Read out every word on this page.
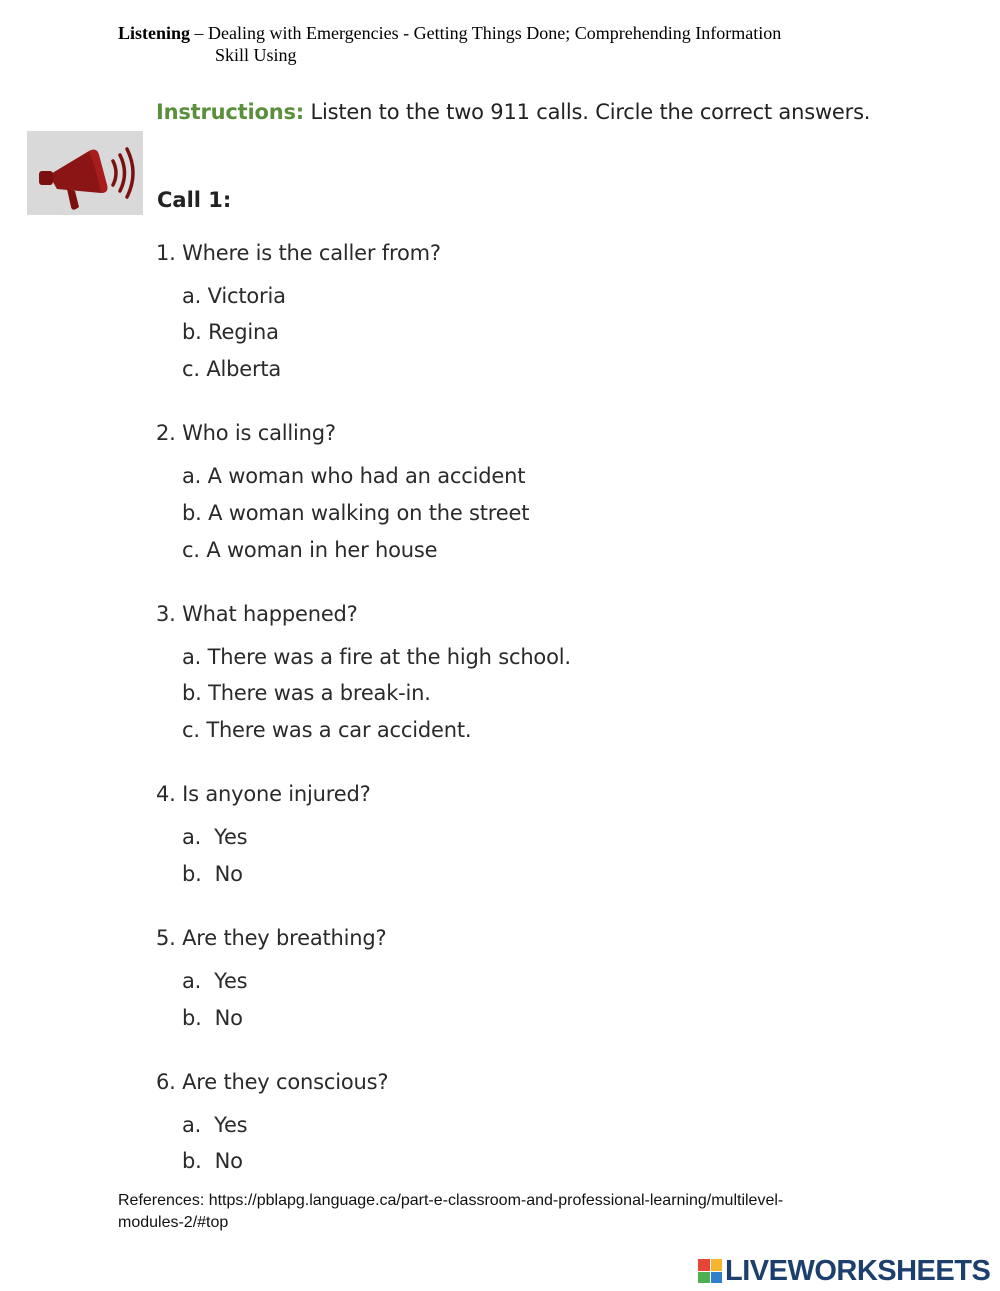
Listening – Dealing with Emergencies - Getting Things Done; Comprehending Information
Skill Using
Instructions: Listen to the two 911 calls. Circle the correct answers.
Call 1:
1. Where is the caller from?
a. Victoria
b. Regina
c. Alberta
2. Who is calling?
a. A woman who had an accident
b. A woman walking on the street
c. A woman in her house
3. What happened?
a. There was a fire at the high school.
b. There was a break-in.
c. There was a car accident.
4. Is anyone injured?
a. Yes
b. No
5. Are they breathing?
a. Yes
b. No
6. Are they conscious?
a. Yes
b. No
References: https://pblapg.language.ca/part-e-classroom-and-professional-learning/multilevel-modules-2/#top
LIVEWORKSHEETS
